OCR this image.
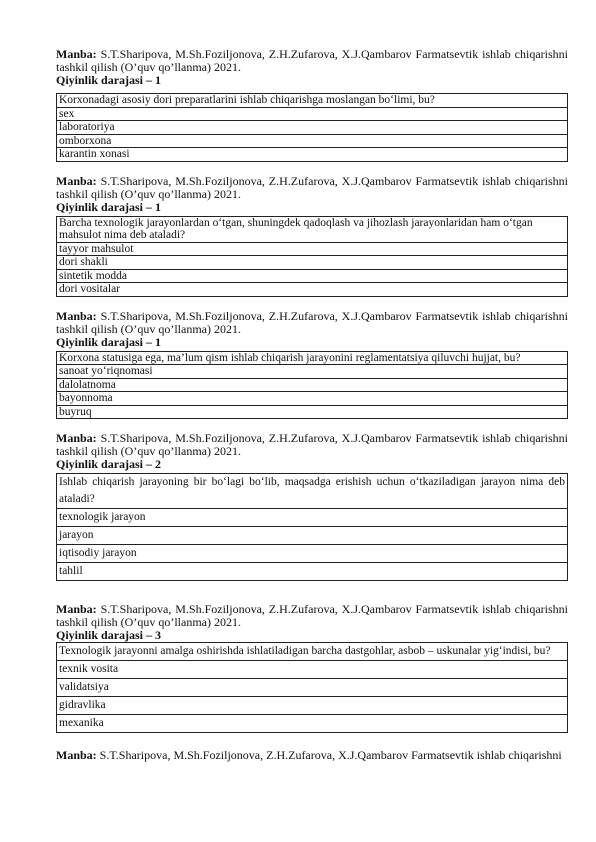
Manba: S.T.Sharipova, M.Sh.Foziljonova, Z.H.Zufarova, X.J.Qambarov Farmatsevtik ishlab chiqarishni tashkil qilish (O’quv qo’llanma) 2021.
Qiyinlik darajasi – 1
Korxonadagi asosiy dori preparatlarini ishlab chiqarishga moslangan bo‘limi, bu?
sex
laboratoriya
omborxona
karantin xonasi
Manba: S.T.Sharipova, M.Sh.Foziljonova, Z.H.Zufarova, X.J.Qambarov Farmatsevtik ishlab chiqarishni tashkil qilish (O’quv qo’llanma) 2021.
Qiyinlik darajasi – 1
Barcha texnologik jarayonlardan o‘tgan, shuningdek qadoqlash va jihozlash jarayonlaridan ham o‘tgan mahsulot nima deb ataladi?
tayyor mahsulot
dori shakli
sintetik modda
dori vositalar
Manba: S.T.Sharipova, M.Sh.Foziljonova, Z.H.Zufarova, X.J.Qambarov Farmatsevtik ishlab chiqarishni tashkil qilish (O’quv qo’llanma) 2021.
Qiyinlik darajasi – 1
Korxona statusiga ega, ma’lum qism ishlab chiqarish jarayonini reglamentatsiya qiluvchi hujjat, bu?
sanoat yo‘riqnomasi
dalolatnoma
bayonnoma
buyruq
Manba: S.T.Sharipova, M.Sh.Foziljonova, Z.H.Zufarova, X.J.Qambarov Farmatsevtik ishlab chiqarishni tashkil qilish (O’quv qo’llanma) 2021.
Qiyinlik darajasi – 2
Ishlab chiqarish jarayoning bir bo‘lagi bo‘lib, maqsadga erishish uchun o‘tkaziladigan jarayon nima deb ataladi?
texnologik jarayon
jarayon
iqtisodiy jarayon
tahlil
Manba: S.T.Sharipova, M.Sh.Foziljonova, Z.H.Zufarova, X.J.Qambarov Farmatsevtik ishlab chiqarishni tashkil qilish (O’quv qo’llanma) 2021.
Qiyinlik darajasi – 3
Texnologik jarayonni amalga oshirishda ishlatiladigan barcha dastgohlar, asbob – uskunalar yig‘indisi, bu?
texnik vosita
validatsiya
gidravlika
mexanika
Manba: S.T.Sharipova, M.Sh.Foziljonova, Z.H.Zufarova, X.J.Qambarov Farmatsevtik ishlab chiqarishni
